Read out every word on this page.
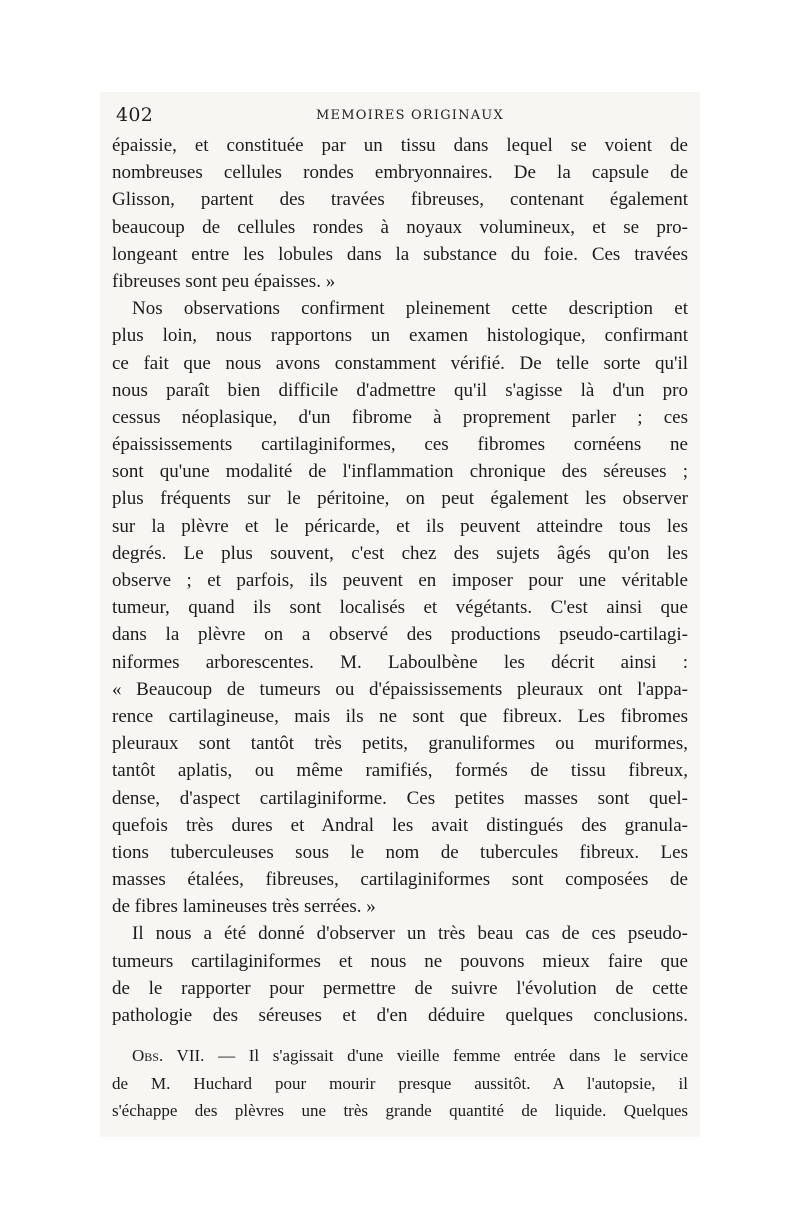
402	MEMOIRES ORIGINAUX
épaissie, et constituée par un tissu dans lequel se voient de
nombreuses cellules rondes embryonnaires. De la capsule de
Glisson, partent des travées fibreuses, contenant également
beaucoup de cellules rondes à noyaux volumineux, et se pro-
longeant entre les lobules dans la substance du foie. Ces travées
fibreuses sont peu épaisses. »
Nos observations confirment pleinement cette description et
plus loin, nous rapportons un examen histologique, confirmant
ce fait que nous avons constamment vérifié. De telle sorte qu'il
nous paraît bien difficile d'admettre qu'il s'agisse là d'un pro
cessus néoplasique, d'un fibrome à proprement parler ; ces
épaississements cartilaginiformes, ces fibromes cornéens ne
sont qu'une modalité de l'inflammation chronique des séreuses ;
plus fréquents sur le péritoine, on peut également les observer
sur la plèvre et le péricarde, et ils peuvent atteindre tous les
degrés. Le plus souvent, c'est chez des sujets âgés qu'on les
observe ; et parfois, ils peuvent en imposer pour une véritable
tumeur, quand ils sont localisés et végétants. C'est ainsi que
dans la plèvre on a observé des productions pseudo-cartilagi-
niformes arborescentes. M. Laboulbène les décrit ainsi :
« Beaucoup de tumeurs ou d'épaississements pleuraux ont l'appa-
rence cartilagineuse, mais ils ne sont que fibreux. Les fibromes
pleuraux sont tantôt très petits, granuliformes ou muriformes,
tantôt aplatis, ou même ramifiés, formés de tissu fibreux,
dense, d'aspect cartilaginiforme. Ces petites masses sont quel-
quefois très dures et Andral les avait distingués des granula-
tions tuberculeuses sous le nom de tubercules fibreux. Les
masses étalées, fibreuses, cartilaginiformes sont composées de
de fibres lamineuses très serrées. »
Il nous a été donné d'observer un très beau cas de ces pseudo-
tumeurs cartilaginiformes et nous ne pouvons mieux faire que
de le rapporter pour permettre de suivre l'évolution de cette
pathologie des séreuses et d'en déduire quelques conclusions.
Obs. VII. — Il s'agissait d'une vieille femme entrée dans le service
de M. Huchard pour mourir presque aussitôt. A l'autopsie, il
s'échappe des plèvres une très grande quantité de liquide. Quelques
